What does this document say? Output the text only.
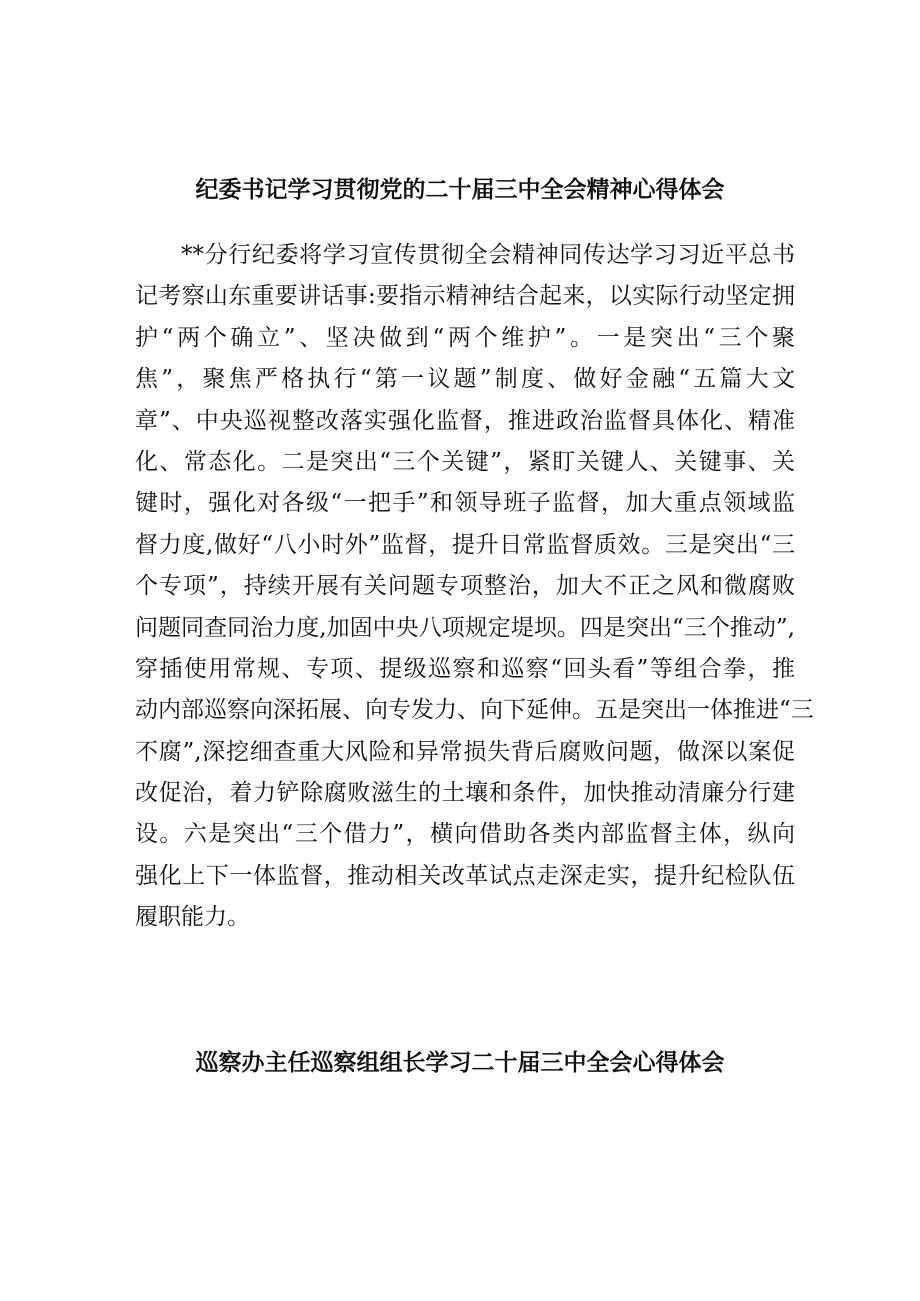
纪委书记学习贯彻党的二十届三中全会精神心得体会
**分行纪委将学习宣传贯彻全会精神同传达学习习近平总书
记考察山东重要讲话事:要指示精神结合起来，以实际行动坚定拥
护“两个确立”、坚决做到“两个维护”。一是突出“三个聚
焦”，聚焦严格执行“第一议题”制度、做好金融“五篇大文
章”、中央巡视整改落实强化监督，推进政治监督具体化、精准
化、常态化。二是突出“三个关键”，紧盯关键人、关键事、关
键时，强化对各级“一把手”和领导班子监督，加大重点领域监
督力度,做好“八小时外”监督，提升日常监督质效。三是突出“三
个专项”，持续开展有关问题专项整治，加大不正之风和微腐败
问题同查同治力度,加固中央八项规定堤坝。四是突出“三个推动”,
穿插使用常规、专项、提级巡察和巡察“回头看”等组合拳，推
动内部巡察向深拓展、向专发力、向下延伸。五是突出一体推进“三
不腐”,深挖细查重大风险和异常损失背后腐败问题，做深以案促
改促治，着力铲除腐败滋生的土壤和条件，加快推动清廉分行建
设。六是突出“三个借力”，横向借助各类内部监督主体，纵向
强化上下一体监督，推动相关改革试点走深走实，提升纪检队伍
履职能力。
巡察办主任巡察组组长学习二十届三中全会心得体会
